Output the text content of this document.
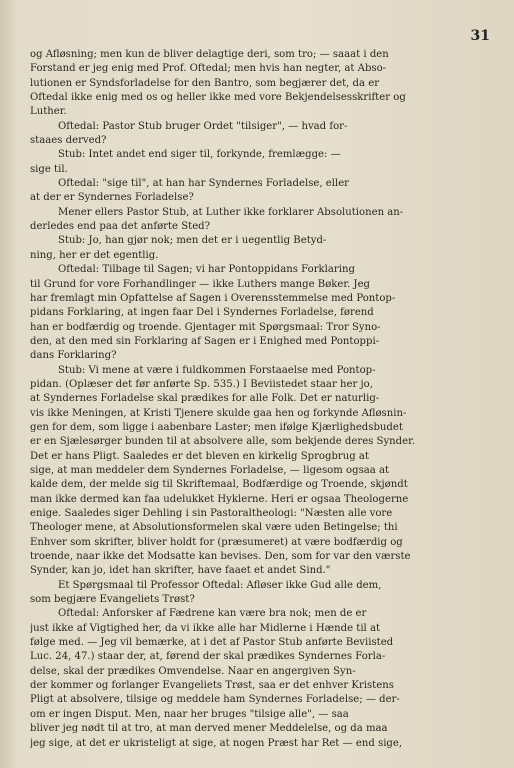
31

og Afløsning; men kun de bliver delagtige deri, som tro; — saaat i den

Forstand er jeg enig med Prof. Oftedal; men hvis han negter, at Abso-

lutionen er Syndsforladelse for den Bantro, som begjærer det, da er

Oftedal ikke enig med os og heller ikke med vore Bekjendelsesskrifter og

Luther.

Oftedal: Pastor Stub bruger Ordet "tilsiger", — hvad for-

staaes derved?

Stub: Intet andet end siger til, forkynde, fremlægge: —

sige til.

Oftedal: "sige til", at han har Syndernes Forladelse, eller

at der er Syndernes Forladelse?

Mener ellers Pastor Stub, at Luther ikke forklarer Absolutionen an-

derledes end paa det anførte Sted?

Stub: Jo, han gjør nok; men det er i uegentlig Betyd-

ning, her er det egentlig.

Oftedal: Tilbage til Sagen; vi har Pontoppidans Forklaring

til Grund for vore Forhandlinger — ikke Luthers mange Bøker. Jeg

har fremlagt min Opfattelse af Sagen i Overensstemmelse med Pontop-

pidans Forklaring, at ingen faar Del i Syndernes Forladelse, førend

han er bodfærdig og troende. Gjentager mit Spørgsmaal: Tror Syno-

den, at den med sin Forklaring af Sagen er i Enighed med Pontoppi-

dans Forklaring?

Stub: Vi mene at være i fuldkommen Forstaaelse med Pontop-

pidan. (Oplæser det før anførte Sp. 535.) I Beviistedet staar her jo,

at Syndernes Forladelse skal prædikes for alle Folk. Det er naturlig-

vis ikke Meningen, at Kristi Tjenere skulde gaa hen og forkynde Afløsnin-

gen for dem, som ligge i aabenbare Laster; men ifølge Kjærlighedsbudet

er en Sjælesørger bunden til at absolvere alle, som bekjende deres Synder.

Det er hans Pligt. Saaledes er det bleven en kirkelig Sprogbrug at

sige, at man meddeler dem Syndernes Forladelse, — ligesom ogsaa at

kalde dem, der melde sig til Skriftemaal, Bodfærdige og Troende, skjøndt

man ikke dermed kan faa udelukket Hyklerne. Heri er ogsaa Theologerne

enige. Saaledes siger Dehling i sin Pastoraltheologi: "Næsten alle vore

Theologer mene, at Absolutionsformelen skal være uden Betingelse; thi

Enhver som skrifter, bliver holdt for (præsumeret) at være bodfærdig og

troende, naar ikke det Modsatte kan bevises. Den, som for var den værste

Synder, kan jo, idet han skrifter, have faaet et andet Sind."

Et Spørgsmaal til Professor Oftedal: Afløser ikke Gud alle dem,

som begjære Evangeliets Trøst?

Oftedal: Anforsker af Fædrene kan være bra nok; men de er

just ikke af Vigtighed her, da vi ikke alle har Midlerne i Hænde til at

følge med. — Jeg vil bemærke, at i det af Pastor Stub anførte Beviisted

Luc. 24, 47.) staar der, at, førend der skal prædikes Syndernes Forla-

delse, skal der prædikes Omvendelse. Naar en angergiven Syn-

der kommer og forlanger Evangeliets Trøst, saa er det enhver Kristens

Pligt at absolvere, tilsige og meddele ham Syndernes Forladelse; — der-

om er ingen Disput. Men, naar her bruges "tilsige alle", — saa

bliver jeg nødt til at tro, at man derved mener Meddelelse, og da maa

jeg sige, at det er ukristeligt at sige, at nogen Præst har Ret — end sige,
